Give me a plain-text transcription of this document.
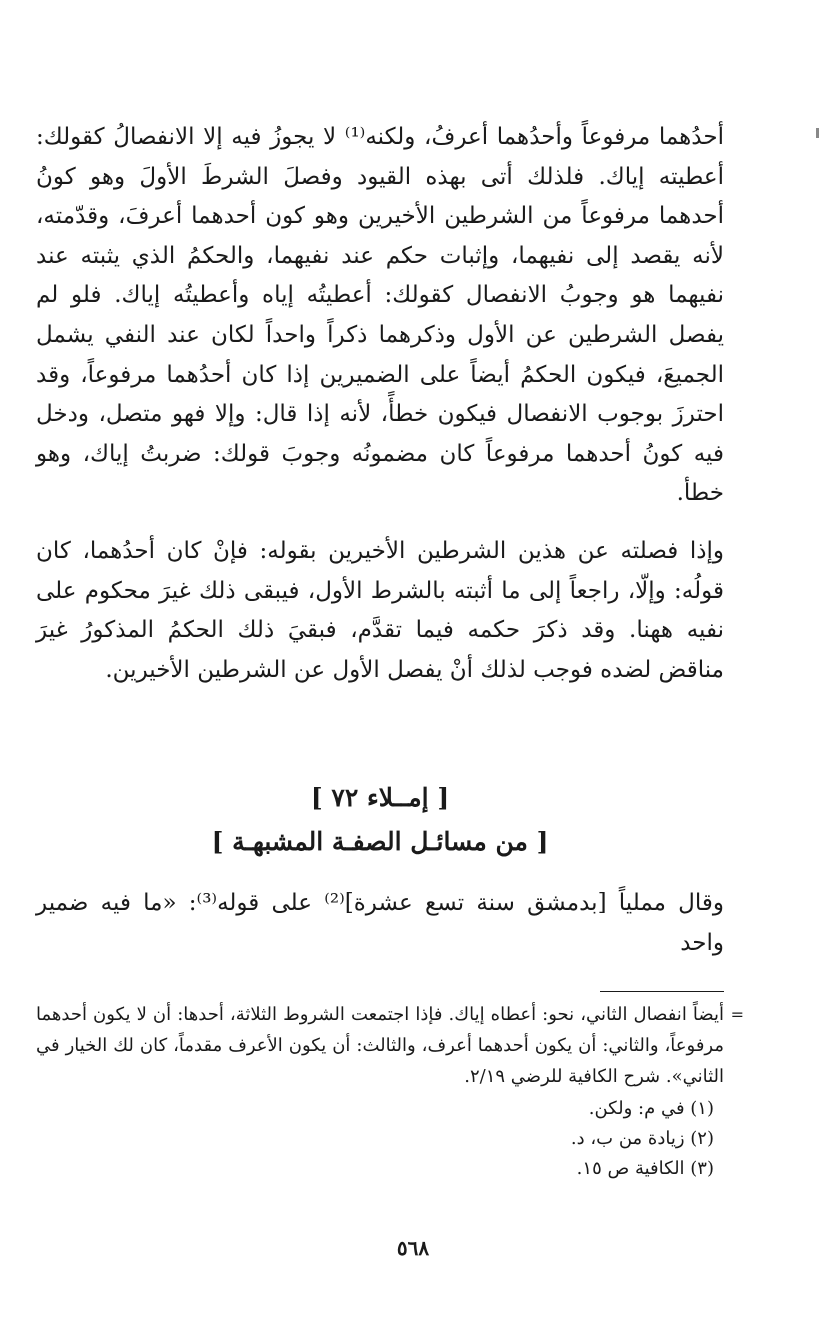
أحدُهما مرفوعاً وأحدُهما أعرفُ، ولكنه⁽¹⁾ لا يجوزُ فيه إلا الانفصالُ كقولك: أعطيته إياك. فلذلك أتى بهذه القيود وفصلَ الشرطَ الأولَ وهو كونُ أحدهما مرفوعاً من الشرطين الأخيرين وهو كون أحدهما أعرفَ، وقدّمته، لأنه يقصد إلى نفيهما، وإثبات حكم عند نفيهما، والحكمُ الذي يثبته عند نفيهما هو وجوبُ الانفصال كقولك: أعطيتُه إياه وأعطيتُه إياك. فلو لم يفصل الشرطين عن الأول وذكرهما ذكراً واحداً لكان عند النفي يشمل الجميعَ، فيكون الحكمُ أيضاً على الضميرين إذا كان أحدُهما مرفوعاً، وقد احترزَ بوجوب الانفصال فيكون خطأً، لأنه إذا قال: وإلا فهو متصل، ودخل فيه كونُ أحدهما مرفوعاً كان مضمونُه وجوبَ قولك: ضربتُ إياك، وهو خطأ.

وإذا فصلته عن هذين الشرطين الأخيرين بقوله: فإنْ كان أحدُهما، كان قولُه: وإلّا، راجعاً إلى ما أثبته بالشرط الأول، فيبقى ذلك غيرَ محكوم على نفيه ههنا. وقد ذكرَ حكمه فيما تقدَّم، فبقيَ ذلك الحكمُ المذكورُ غيرَ مناقض لضده فوجب لذلك أنْ يفصل الأول عن الشرطين الأخيرين.

[ إمــلاء ٧٢ ]

[ من مسائـل الصفـة المشبهـة ]

وقال مملياً [بدمشق سنة تسع عشرة]⁽²⁾ على قوله⁽³⁾: «ما فيه ضمير واحد

=
أيضاً انفصال الثاني، نحو: أعطاه إياك. فإذا اجتمعت الشروط الثلاثة، أحدها: أن لا يكون أحدهما مرفوعاً، والثاني: أن يكون أحدهما أعرف، والثالث: أن يكون الأعرف مقدماً، كان لك الخيار في الثاني». شرح الكافية للرضي ٢/١٩.

(١) في م: ولكن.

(٢) زيادة من ب، د.

(٣) الكافية ص ١٥.

٥٦٨
